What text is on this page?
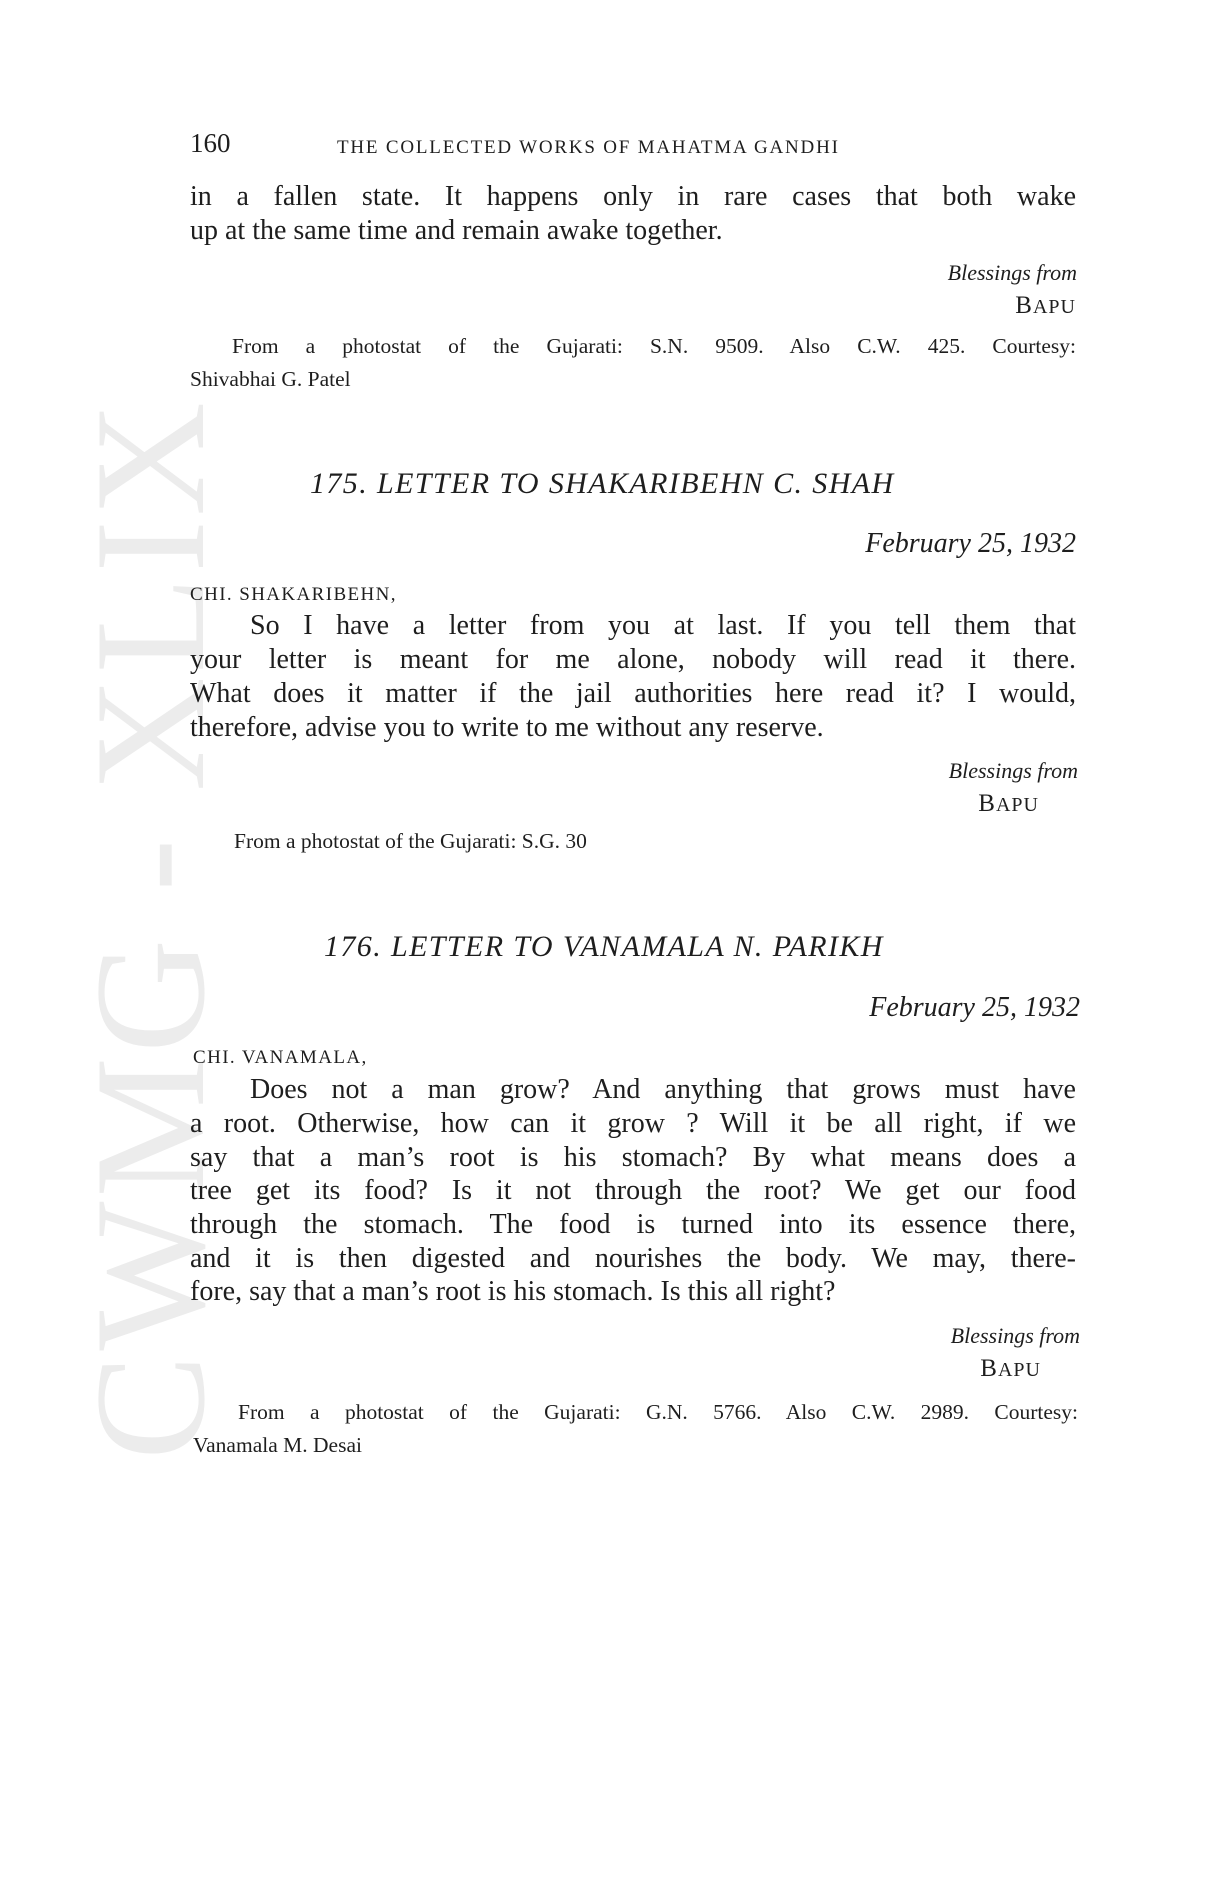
CWMG - XLIX
160	THE COLLECTED WORKS OF MAHATMA GANDHI
in a fallen state. It happens only in rare cases that both wake
up at the same time and remain awake together.
Blessings from
BAPU
From a photostat of the Gujarati: S.N. 9509. Also C.W. 425. Courtesy:
Shivabhai G. Patel
175. LETTER TO SHAKARIBEHN C. SHAH
February 25, 1932
CHI. SHAKARIBEHN,
So I have a letter from you at last. If you tell them that
your letter is meant for me alone, nobody will read it there.
What does it matter if the jail authorities here read it? I would,
therefore, advise you to write to me without any reserve.
Blessings from
BAPU
From a photostat of the Gujarati: S.G. 30
176. LETTER TO VANAMALA N. PARIKH
February 25, 1932
CHI. VANAMALA,
Does not a man grow? And anything that grows must have
a root. Otherwise, how can it grow ? Will it be all right, if we
say that a man’s root is his stomach? By what means does a
tree get its food? Is it not through the root? We get our food
through the stomach. The food is turned into its essence there,
and it is then digested and nourishes the body. We may, there-
fore, say that a man’s root is his stomach. Is this all right?
Blessings from
BAPU
From a photostat of the Gujarati: G.N. 5766. Also C.W. 2989. Courtesy:
Vanamala M. Desai
